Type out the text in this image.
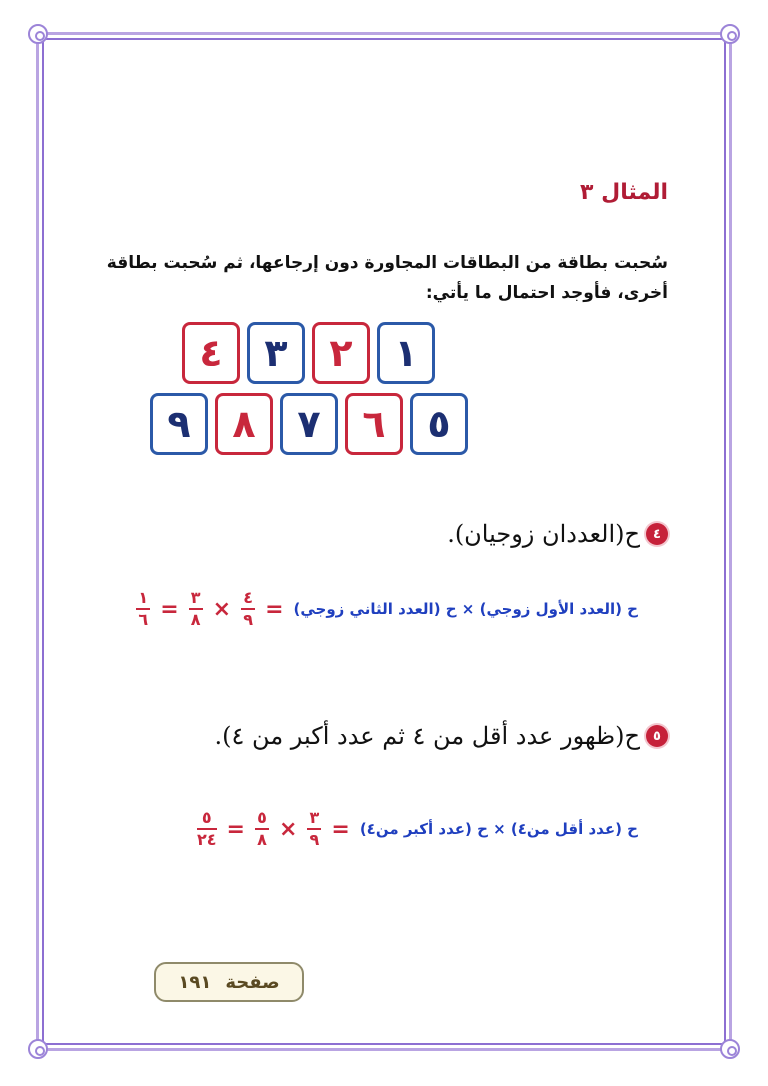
المثال ٣
سُحبت بطاقة من البطاقات المجاورة دون إرجاعها، ثم سُحبت بطاقة أخرى، فأوجد احتمال ما يأتي:
٤	٣	٢	١
٩	٨	٧	٦	٥
٤
ح(العددان زوجيان).
ح (العدد الأول زوجي) × ح (العدد الثاني زوجي)
=
$\frac{٤}{٩}$
×
$\frac{٣}{٨}$
=
$\frac{١}{٦}$
٥
ح(ظهور عدد أقل من ٤ ثم عدد أكبر من ٤).
ح (عدد أقل من٤) × ح (عدد أكبر من٤)
=
$\frac{٣}{٩}$
×
$\frac{٥}{٨}$
=
$\frac{٥}{٢٤}$
صفحة
١٩١
